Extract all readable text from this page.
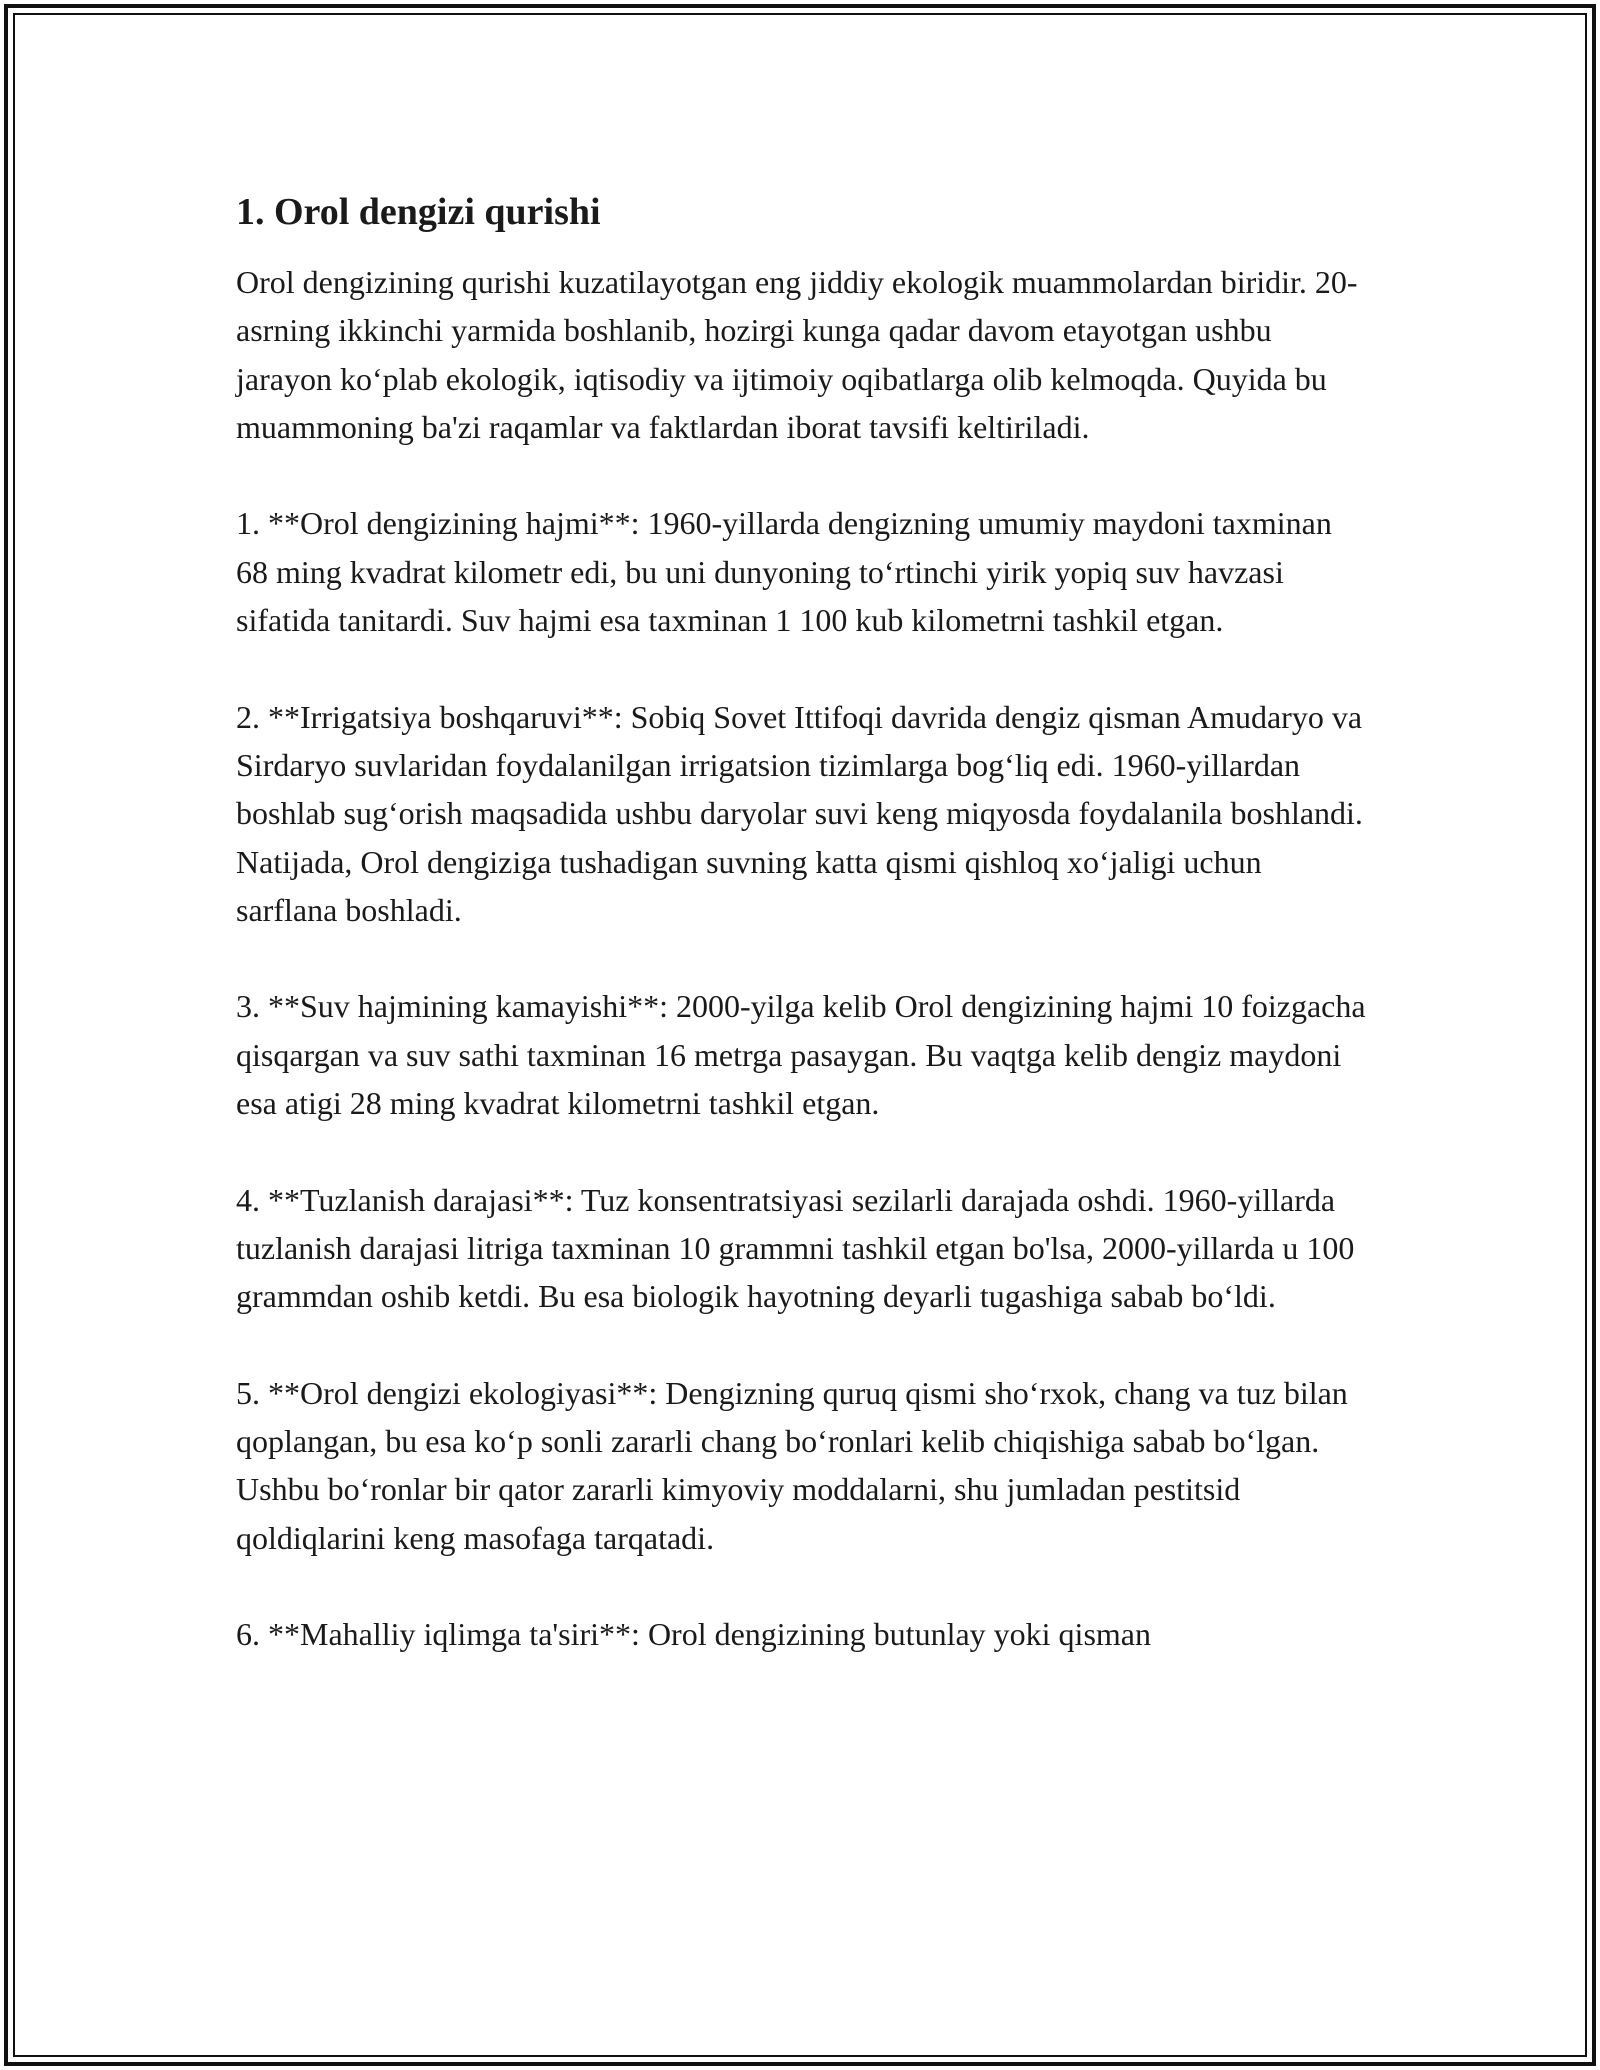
1. Orol dengizi qurishi

Orol dengizining qurishi kuzatilayotgan eng jiddiy ekologik muammolardan biridir. 20-asrning ikkinchi yarmida boshlanib, hozirgi kunga qadar davom etayotgan ushbu jarayon ko‘plab ekologik, iqtisodiy va ijtimoiy oqibatlarga olib kelmoqda. Quyida bu muammoning ba'zi raqamlar va faktlardan iborat tavsifi keltiriladi.

1. **Orol dengizining hajmi**: 1960-yillarda dengizning umumiy maydoni taxminan 68 ming kvadrat kilometr edi, bu uni dunyoning to‘rtinchi yirik yopiq suv havzasi sifatida tanitardi. Suv hajmi esa taxminan 1 100 kub kilometrni tashkil etgan.

2. **Irrigatsiya boshqaruvi**: Sobiq Sovet Ittifoqi davrida dengiz qisman Amudaryo va Sirdaryo suvlaridan foydalanilgan irrigatsion tizimlarga bog‘liq edi. 1960-yillardan boshlab sug‘orish maqsadida ushbu daryolar suvi keng miqyosda foydalanila boshlandi. Natijada, Orol dengiziga tushadigan suvning katta qismi qishloq xo‘jaligi uchun sarflana boshladi.

3. **Suv hajmining kamayishi**: 2000-yilga kelib Orol dengizining hajmi 10 foizgacha qisqargan va suv sathi taxminan 16 metrga pasaygan. Bu vaqtga kelib dengiz maydoni esa atigi 28 ming kvadrat kilometrni tashkil etgan.

4. **Tuzlanish darajasi**: Tuz konsentratsiyasi sezilarli darajada oshdi. 1960-yillarda tuzlanish darajasi litriga taxminan 10 grammni tashkil etgan bo'lsa, 2000-yillarda u 100 grammdan oshib ketdi. Bu esa biologik hayotning deyarli tugashiga sabab bo‘ldi.

5. **Orol dengizi ekologiyasi**: Dengizning quruq qismi sho‘rxok, chang va tuz bilan qoplangan, bu esa ko‘p sonli zararli chang bo‘ronlari kelib chiqishiga sabab bo‘lgan. Ushbu bo‘ronlar bir qator zararli kimyoviy moddalarni, shu jumladan pestitsid qoldiqlarini keng masofaga tarqatadi.

6. **Mahalliy iqlimga ta'siri**: Orol dengizining butunlay yoki qisman
